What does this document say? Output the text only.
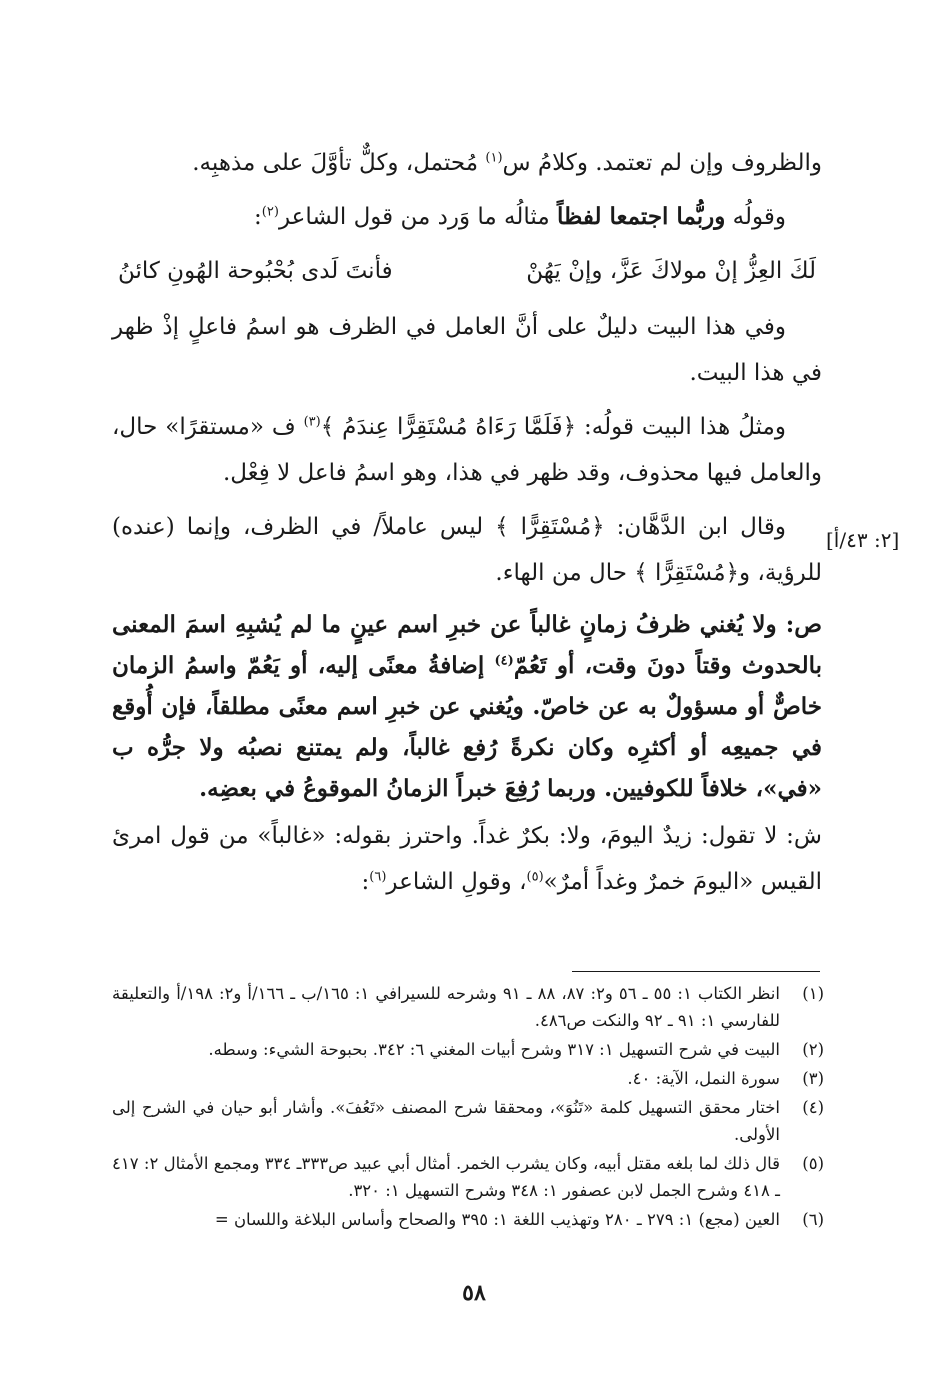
والظروف وإن لم تعتمد. وكلامُ س$^{(١)}$ مُحتمل، وكلٌّ تأوَّلَ على مذهبِه.

وقولُه وربُّما اجتمعا لفظاً مثالُه ما وَرد من قول الشاعر$^{(٢)}$:

لَكَ العِزُّ إنْ مولاكَ عَزَّ، وإنْ يَهُنْ
فأنتَ لَدى بُحْبُوحة الهُونِ كائنُ

وفي هذا البيت دليلٌ على أنَّ العامل في الظرف هو اسمُ فاعلٍ إذْ ظهر في هذا البيت.

ومثلُ هذا البيت قولُه: ﴿فَلَمَّا رَءَاهُ مُسْتَقِرًّا عِندَمُ ﴾$^{(٣)}$ ف «مستقرًا» حال، والعامل فيها محذوف، وقد ظهر في هذا، وهو اسمُ فاعل لا فِعْل.

وقال ابن الدَّهَّان: ﴿مُسْتَقِرًّا ﴾ ليس عاملاً/ في الظرف، وإنما (عنده) للرؤية، و﴿مُسْتَقِرًّا ﴾ حال من الهاء.

ص: ولا يُغني ظرفُ زمانٍ غالباً عن خبرِ اسم عينٍ ما لم يُشبِهِ اسمَ المعنى بالحدوث وقتاً دونَ وقت، أو تَعُمّ$^{(٤)}$ إضافةُ معنًى إليه، أو يَعُمّ واسمُ الزمان خاصٌّ أو مسؤولٌ به عن خاصّ. ويُغني عن خبرِ اسم معنًى مطلقاً، فإن أُوقع في جميعِه أو أكثرِه وكان نكرةً رُفع غالباً، ولم يمتنع نصبُه ولا جرُّه ب «في»، خلافاً للكوفيين. وربما رُفِعَ خبراً الزمانُ الموقوعُ في بعضِه.

ش: لا تقول: زيدٌ اليومَ، ولا: بكرٌ غداً. واحترز بقوله: «غالباً» من قول امرئ القيس «اليومَ خمرٌ وغداً أمرٌ»$^{(٥)}$، وقولِ الشاعر$^{(٦)}$:

[٢: ٤٣/أ]
(١)
انظر الكتاب ١: ٥٥ ـ ٥٦ و٢: ٨٧، ٨٨ ـ ٩١ وشرحه للسيرافي ١: ١٦٥/ب ـ ١٦٦/أ و٢: ١٩٨/أ والتعليقة للفارسي ١: ٩١ ـ ٩٢ والنكت ص٤٨٦.
(٢)
البيت في شرح التسهيل ١: ٣١٧ وشرح أبيات المغني ٦: ٣٤٢. بحبوحة الشيء: وسطه.
(٣)
سورة النمل، الآية: ٤٠.
(٤)
اختار محقق التسهيل كلمة «تَنُوَ»، ومحققا شرح المصنف «تَعُفَ». وأشار أبو حيان في الشرح إلى الأولى.
(٥)
قال ذلك لما بلغه مقتل أبيه، وكان يشرب الخمر. أمثال أبي عبيد ص٣٣٣ـ ٣٣٤ ومجمع الأمثال ٢: ٤١٧ ـ ٤١٨ وشرح الجمل لابن عصفور ١: ٣٤٨ وشرح التسهيل ١: ٣٢٠.
(٦)
العين (مجع) ١: ٢٧٩ ـ ٢٨٠ وتهذيب اللغة ١: ٣٩٥ والصحاح وأساس البلاغة واللسان =
٥٨
